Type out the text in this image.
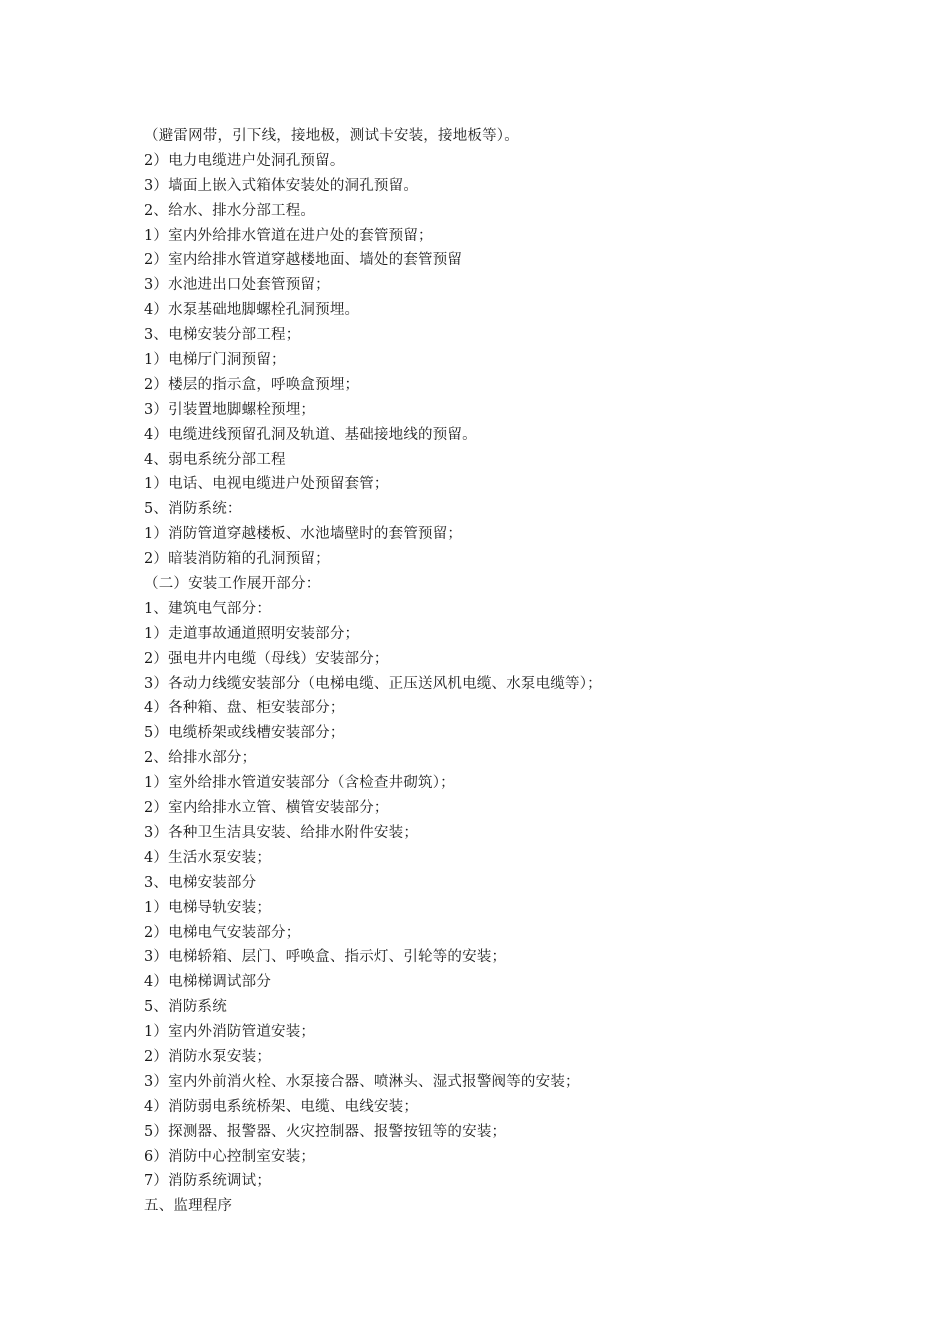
（避雷网带，引下线，接地极，测试卡安装，接地板等）。
2）电力电缆进户处洞孔预留。
3）墙面上嵌入式箱体安装处的洞孔预留。
2、给水、排水分部工程。
1）室内外给排水管道在进户处的套管预留；
2）室内给排水管道穿越楼地面、墙处的套管预留
3）水池进出口处套管预留；
4）水泵基础地脚螺栓孔洞预埋。
3、电梯安装分部工程；
1）电梯厅门洞预留；
2）楼层的指示盒，呼唤盒预埋；
3）引装置地脚螺栓预埋；
4）电缆进线预留孔洞及轨道、基础接地线的预留。
4、弱电系统分部工程
1）电话、电视电缆进户处预留套管；
5、消防系统：
1）消防管道穿越楼板、水池墙壁时的套管预留；
2）暗装消防箱的孔洞预留；
（二）安装工作展开部分：
1、建筑电气部分：
1）走道事故通道照明安装部分；
2）强电井内电缆（母线）安装部分；
3）各动力线缆安装部分（电梯电缆、正压送风机电缆、水泵电缆等）；
4）各种箱、盘、柜安装部分；
5）电缆桥架或线槽安装部分；
2、给排水部分；
1）室外给排水管道安装部分（含检查井砌筑）；
2）室内给排水立管、横管安装部分；
3）各种卫生洁具安装、给排水附件安装；
4）生活水泵安装；
3、电梯安装部分
1）电梯导轨安装；
2）电梯电气安装部分；
3）电梯轿箱、层门、呼唤盒、指示灯、引轮等的安装；
4）电梯梯调试部分
5、消防系统
1）室内外消防管道安装；
2）消防水泵安装；
3）室内外前消火栓、水泵接合器、喷淋头、湿式报警阀等的安装；
4）消防弱电系统桥架、电缆、电线安装；
5）探测器、报警器、火灾控制器、报警按钮等的安装；
6）消防中心控制室安装；
7）消防系统调试；
五、监理程序
